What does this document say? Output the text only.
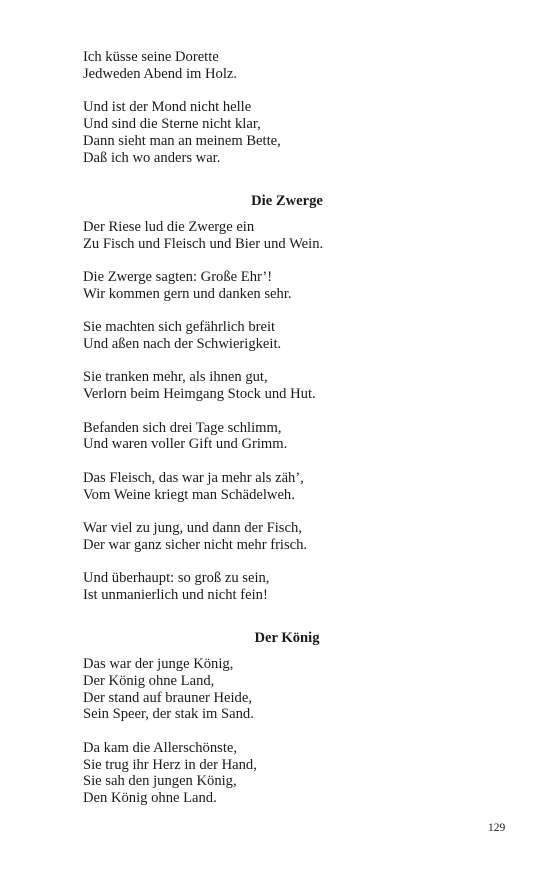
Ich küsse seine Dorette
Jedweden Abend im Holz.
Und ist der Mond nicht helle
Und sind die Sterne nicht klar,
Dann sieht man an meinem Bette,
Daß ich wo anders war.
Die Zwerge
Der Riese lud die Zwerge ein
Zu Fisch und Fleisch und Bier und Wein.
Die Zwerge sagten: Große Ehr’!
Wir kommen gern und danken sehr.
Sie machten sich gefährlich breit
Und aßen nach der Schwierigkeit.
Sie tranken mehr, als ihnen gut,
Verlorn beim Heimgang Stock und Hut.
Befanden sich drei Tage schlimm,
Und waren voller Gift und Grimm.
Das Fleisch, das war ja mehr als zäh’,
Vom Weine kriegt man Schädelweh.
War viel zu jung, und dann der Fisch,
Der war ganz sicher nicht mehr frisch.
Und überhaupt: so groß zu sein,
Ist unmanierlich und nicht fein!
Der König
Das war der junge König,
Der König ohne Land,
Der stand auf brauner Heide,
Sein Speer, der stak im Sand.
Da kam die Allerschönste,
Sie trug ihr Herz in der Hand,
Sie sah den jungen König,
Den König ohne Land.
129
